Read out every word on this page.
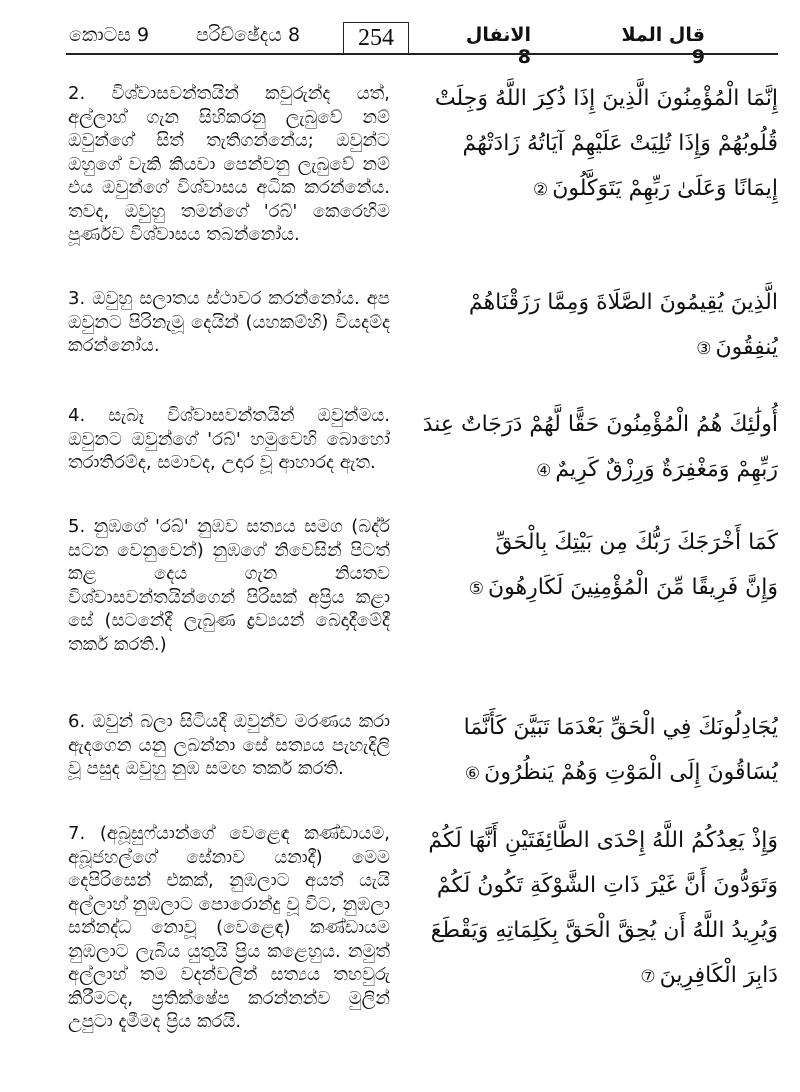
කොටස 9 පරිච්ඡේදය 8	254	الانفال 8
قال الملا 9
2. විශ්වාසවන්තයින් කවුරුන්ද යත්, අල්ලාහ් ගැන සිහිකරනු ලැබුවේ නම් ඔවුන්ගේ සිත් තැතිගන්නේය; ඔවුන්ට ඔහුගේ වැකි කියවා පෙන්වනු ලැබුවේ නම් එය ඔවුන්ගේ විශ්වාසය අධික කරන්නේය. තවද, ඔවුහු තමන්ගේ 'රබ්' කෙරෙහිම පූර්ණව විශ්වාසය තබන්නෝය.
إِنَّمَا الْمُؤْمِنُونَ الَّذِينَ إِذَا ذُكِرَ اللَّهُ وَجِلَتْ
قُلُوبُهُمْ وَإِذَا تُلِيَتْ عَلَيْهِمْ آيَاتُهُ زَادَتْهُمْ
إِيمَانًا وَعَلَىٰ رَبِّهِمْ يَتَوَكَّلُونَ②
3. ඔවුහු සලාතය ස්ථාවර කරන්නෝය. අප ඔවුනට පිරිනැමූ දෙයින් (යහකම්හි) වියදම්ද කරන්නෝය.
الَّذِينَ يُقِيمُونَ الصَّلَاةَ وَمِمَّا رَزَقْنَاهُمْ
يُنفِقُونَ③
4. සැබෑ විශ්වාසවන්තයින් ඔවුන්මය. ඔවුනට ඔවුන්ගේ 'රබ්' හමුවෙහි බොහෝ තරාතිරම්ද, සමාවද, උදාර වූ ආහාරද ඇත.
أُولَٰئِكَ هُمُ الْمُؤْمِنُونَ حَقًّا لَّهُمْ دَرَجَاتٌ عِندَ
رَبِّهِمْ وَمَغْفِرَةٌ وَرِزْقٌ كَرِيمٌ④
5. නුඹගේ 'රබ්' නුඹව සත්‍යය සමග (බද්ර් සටන වෙනුවෙන්) නුඹගේ නිවෙසින් පිටත් කළ දෙය ගැන නියතව විශ්වාසවන්තයින්ගෙන් පිරිසක් අප්‍රිය කළා සේ (සටනේදී ලැබුණ ද්‍රව්‍යයන් බෙදාදීමේදී තර්ක කරති.)
كَمَا أَخْرَجَكَ رَبُّكَ مِن بَيْتِكَ بِالْحَقِّ
وَإِنَّ فَرِيقًا مِّنَ الْمُؤْمِنِينَ لَكَارِهُونَ⑤
6. ඔවුන් බලා සිටියදී ඔවුන්ව මරණය කරා ඇදගෙන යනු ලබන්නා සේ සත්‍යය පැහැදිලි වූ පසුද ඔවුහු නුඹ සමඟ තර්ක කරති.
يُجَادِلُونَكَ فِي الْحَقِّ بَعْدَمَا تَبَيَّنَ كَأَنَّمَا
يُسَاقُونَ إِلَى الْمَوْتِ وَهُمْ يَنظُرُونَ⑥
7. (අබූසුෆ්යාන්ගේ වෙළෙඳ කණ්ඩායම, අබූජහල්ගේ සේනාව යනාදී) මෙම දෙපිරිසෙන් එකක්, නුඹලාට අයත් යැයි අල්ලාහ් නුඹලාට පොරොන්දු වූ විට, නුඹලා සන්නද්ධ නොවූ (වෙළෙඳ) කණ්ඩායම නුඹලාට ලැබිය යුතුයි ප්‍රිය කළෙහුය. නමුත් අල්ලාහ් තම වදන්වලින් සත්‍යය තහවුරු කිරීමටද, ප්‍රතික්ෂේප කරන්නන්ව මුලින් උපුටා දැමීමද ප්‍රිය කරයි.
وَإِذْ يَعِدُكُمُ اللَّهُ إِحْدَى الطَّائِفَتَيْنِ أَنَّهَا لَكُمْ
وَتَوَدُّونَ أَنَّ غَيْرَ ذَاتِ الشَّوْكَةِ تَكُونُ لَكُمْ
وَيُرِيدُ اللَّهُ أَن يُحِقَّ الْحَقَّ بِكَلِمَاتِهِ وَيَقْطَعَ
دَابِرَ الْكَافِرِينَ⑦
